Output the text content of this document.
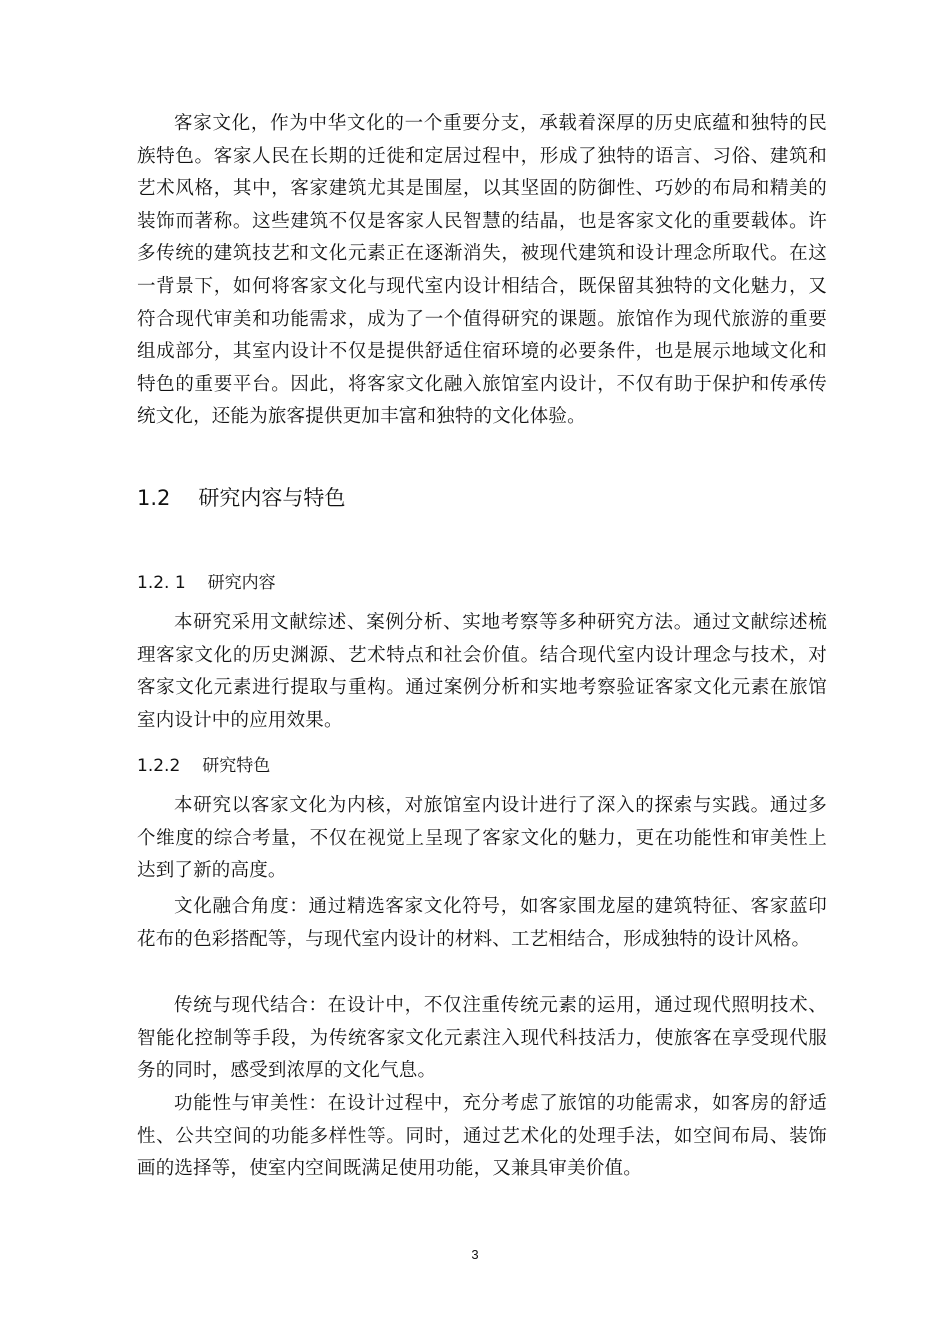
客家文化，作为中华文化的一个重要分支，承载着深厚的历史底蕴和独特的民族特色。客家人民在长期的迁徙和定居过程中，形成了独特的语言、习俗、建筑和艺术风格，其中，客家建筑尤其是围屋，以其坚固的防御性、巧妙的布局和精美的装饰而著称。这些建筑不仅是客家人民智慧的结晶，也是客家文化的重要载体。许多传统的建筑技艺和文化元素正在逐渐消失，被现代建筑和设计理念所取代。在这一背景下，如何将客家文化与现代室内设计相结合，既保留其独特的文化魅力，又符合现代审美和功能需求，成为了一个值得研究的课题。旅馆作为现代旅游的重要组成部分，其室内设计不仅是提供舒适住宿环境的必要条件，也是展示地域文化和特色的重要平台。因此，将客家文化融入旅馆室内设计，不仅有助于保护和传承传统文化，还能为旅客提供更加丰富和独特的文化体验。

1.2 研究内容与特色
1.2. 1 研究内容

本研究采用文献综述、案例分析、实地考察等多种研究方法。通过文献综述梳理客家文化的历史渊源、艺术特点和社会价值。结合现代室内设计理念与技术，对客家文化元素进行提取与重构。通过案例分析和实地考察验证客家文化元素在旅馆室内设计中的应用效果。

1.2.2 研究特色

本研究以客家文化为内核，对旅馆室内设计进行了深入的探索与实践。通过多个维度的综合考量，不仅在视觉上呈现了客家文化的魅力，更在功能性和审美性上达到了新的高度。

文化融合角度：通过精选客家文化符号，如客家围龙屋的建筑特征、客家蓝印花布的色彩搭配等，与现代室内设计的材料、工艺相结合，形成独特的设计风格。

传统与现代结合：在设计中，不仅注重传统元素的运用，通过现代照明技术、智能化控制等手段，为传统客家文化元素注入现代科技活力，使旅客在享受现代服务的同时，感受到浓厚的文化气息。

功能性与审美性：在设计过程中，充分考虑了旅馆的功能需求，如客房的舒适性、公共空间的功能多样性等。同时，通过艺术化的处理手法，如空间布局、装饰画的选择等，使室内空间既满足使用功能，又兼具审美价值。

3
